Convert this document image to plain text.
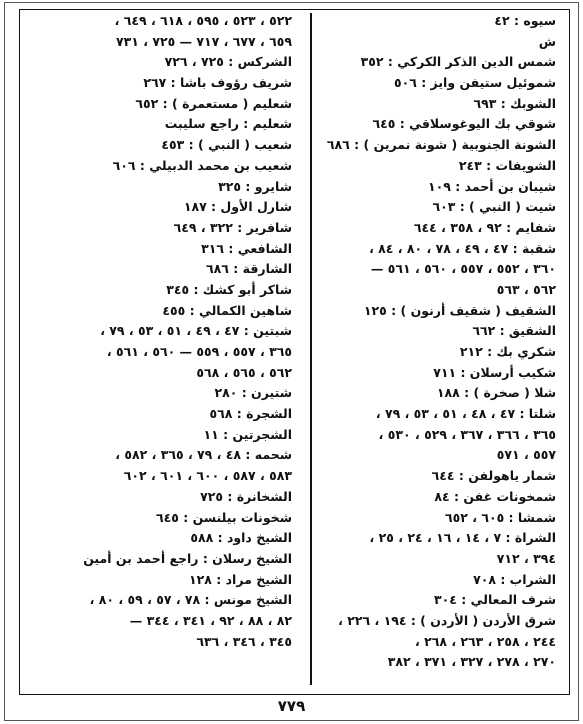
سيوه : ٤٢
ش
شمس الدين الذكر الكركي : ٣٥٢
شموئيل ستيفن وايز : ٥٠٦
الشوبك : ٦٩٣
شوقي بك اليوغوسلاقي : ٦٤٥
الشونة الجنوبية ( شونة نمرين ) : ٦٨٦
الشويفات : ٢٤٣
شيبان بن أحمد : ١٠٩
شيت ( النبي ) : ٦٠٣
شفايم : ٩٢ ، ٣٥٨ ، ٦٤٤
شقبة : ٤٧ ، ٤٩ ، ٧٨ ، ٨٠ ، ٨٤ ،
٣٦٠ ، ٥٥٢ ، ٥٥٧ ، ٥٦٠ ، ٥٦١ —
٥٦٢ ، ٥٦٣
الشقيف ( شقيف أرنون ) : ١٢٥
الشقيق : ٦٦٢
شكري بك : ٢١٢
شكيب أرسلان : ٧١١
شلا ( صخرة ) : ١٨٨
شلتا : ٤٧ ، ٤٨ ، ٥١ ، ٥٣ ، ٧٩ ،
٣٦٥ ، ٣٦٦ ، ٣٦٧ ، ٥٢٩ ، ٥٣٠ ،
٥٥٧ ، ٥٧١
شمار ياهولفن : ٦٤٤
شمخونات غفن : ٨٤
شمشا : ٦٠٥ ، ٦٥٢
الشراة : ٧ ، ١٤ ، ١٦ ، ٢٤ ، ٢٥ ،
٣٩٤ ، ٧١٢
الشراب : ٧٠٨
شرف المعالي : ٣٠٤
شرق الأردن ( الأردن ) : ١٩٤ ، ٢٢٦ ،
٢٤٤ ، ٢٥٨ ، ٢٦٣ ، ٢٦٨ ،
٢٧٠ ، ٢٧٨ ، ٣٢٧ ، ٣٧١ ، ٣٨٢
٥٢٢ ، ٥٢٣ ، ٥٩٥ ، ٦١٨ ، ٦٤٩ ،
٦٥٩ ، ٦٧٧ ، ٧١٧ — ٧٢٥ ، ٧٣١
الشركس : ٧٢٥ ، ٧٢٦
شريف رؤوف باشا : ٢٦٧
شعليم ( مستعمرة ) : ٦٥٢
شعليم : راجع سليبت
شعيب ( النبي ) : ٤٥٣
شعيب بن محمد الدبيلي : ٦٠٦
شايرو : ٣٢٥
شارل الأول : ١٨٧
شافرير : ٣٢٢ ، ٦٤٩
الشافعي : ٣١٦
الشارقة : ٦٨٦
شاكر أبو كشك : ٣٤٥
شاهين الكمالي : ٤٥٥
شبتين : ٤٧ ، ٤٩ ، ٥١ ، ٥٣ ، ٧٩ ،
٣٦٥ ، ٥٥٧ ، ٥٥٩ — ٥٦٠ ، ٥٦١ ،
٥٦٢ ، ٥٦٥ ، ٥٦٨
شتيرن : ٢٨٠
الشجرة : ٥٦٨
الشجرتين : ١١
شحمه : ٤٨ ، ٧٩ ، ٣٦٥ ، ٥٨٢ ،
٥٨٣ ، ٥٨٧ ، ٦٠٠ ، ٦٠١ ، ٦٠٢
الشخانرة : ٧٢٥
شخونات بيلنسن : ٦٤٥
الشيخ داود : ٥٨٨
الشيخ رسلان : راجع أحمد بن أمين
الشيخ مراد : ١٢٨
الشيخ مونس : ٧٨ ، ٥٧ ، ٥٩ ، ٨٠ ،
٨٢ ، ٨٨ ، ٩٢ ، ٣٤١ ، ٣٤٤ —
٣٤٥ ، ٣٤٦ ، ٦٣٦
٧٧٩
